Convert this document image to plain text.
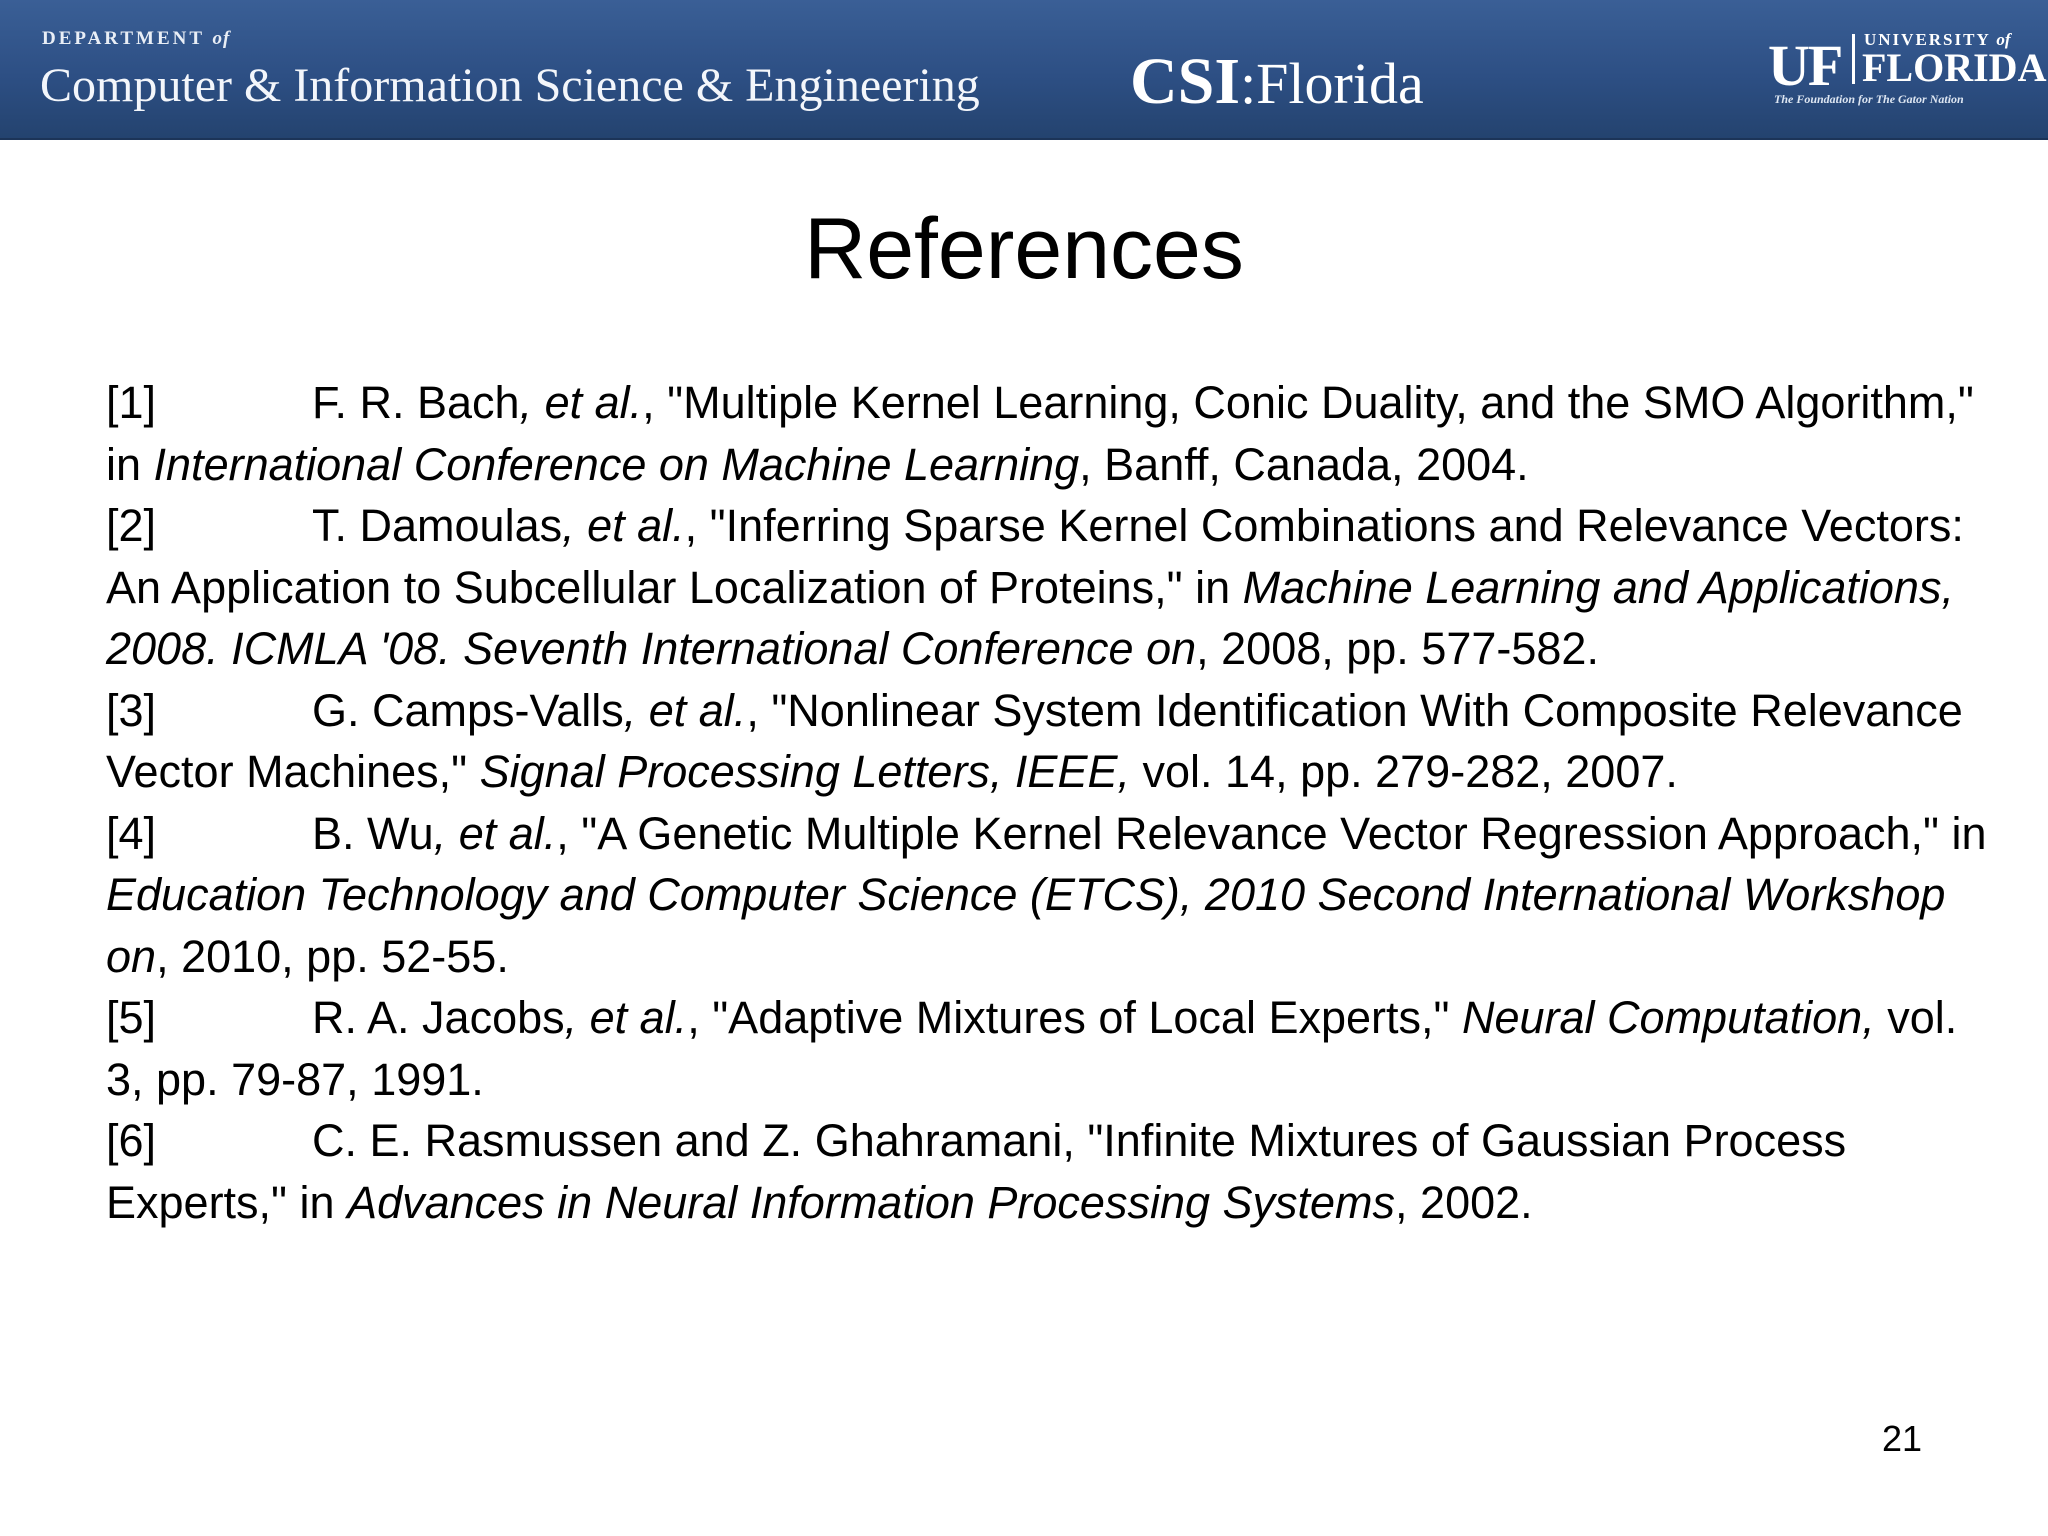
DEPARTMENT of
Computer & Information Science & Engineering CSI:Florida	UF UNIVERSITY of
FLORIDA
The Foundation for The Gator Nation
References
[1]	F. R. Bach, et al., "Multiple Kernel Learning, Conic Duality, and the SMO Algorithm," in International Conference on Machine Learning, Banff, Canada, 2004.
[2]	T. Damoulas, et al., "Inferring Sparse Kernel Combinations and Relevance Vectors: An Application to Subcellular Localization of Proteins," in Machine Learning and Applications, 2008. ICMLA '08. Seventh International Conference on, 2008, pp. 577-582.
[3]	G. Camps-Valls, et al., "Nonlinear System Identification With Composite Relevance Vector Machines," Signal Processing Letters, IEEE, vol. 14, pp. 279-282, 2007.
[4]	B. Wu, et al., "A Genetic Multiple Kernel Relevance Vector Regression Approach," in Education Technology and Computer Science (ETCS), 2010 Second International Workshop on, 2010, pp. 52-55.
[5]	R. A. Jacobs, et al., "Adaptive Mixtures of Local Experts," Neural Computation, vol. 3, pp. 79-87, 1991.
[6]	C. E. Rasmussen and Z. Ghahramani, "Infinite Mixtures of Gaussian Process Experts," in Advances in Neural Information Processing Systems, 2002.
21
